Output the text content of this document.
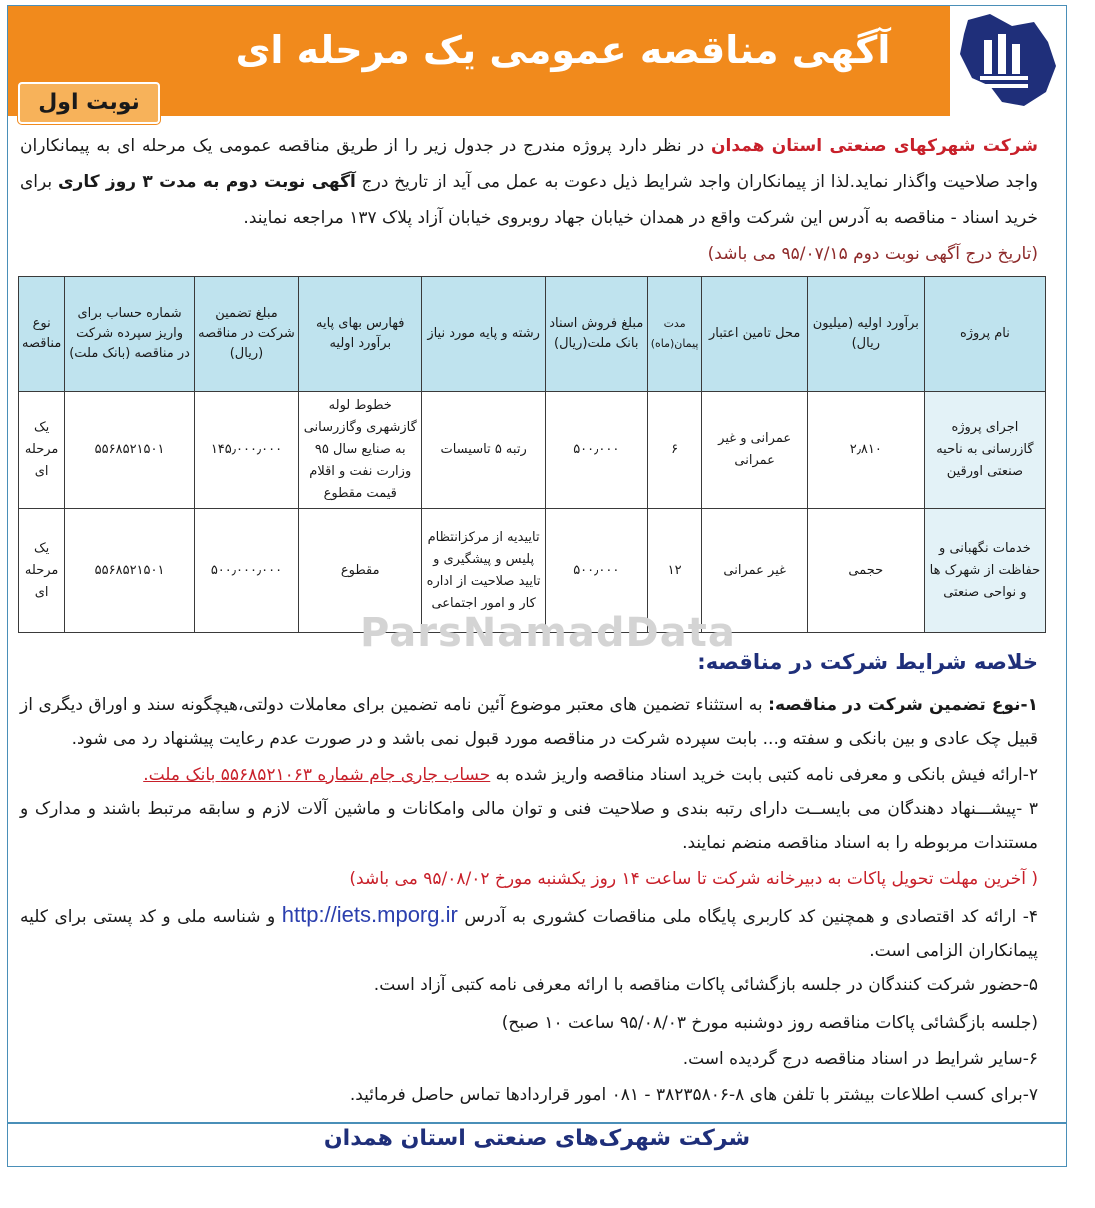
آگهی مناقصه عمومی یک مرحله ای
نوبت اول
شرکت شهرکهای صنعتی استان همدان در نظر دارد پروژه مندرج در جدول زیر را از طریق مناقصه عمومی یک مرحله ای به پیمانکاران واجد صلاحیت واگذار نماید.لذا از پیمانکاران واجد شرایط ذیل دعوت به عمل می آید از تاریخ درج آگهی نوبت دوم به مدت ۳ روز کاری برای خرید اسناد - مناقصه به آدرس این شرکت واقع در همدان خیابان جهاد روبروی خیابان آزاد پلاک ۱۳۷ مراجعه نمایند.
(تاریخ درج آگهی نوبت دوم ۹۵/۰۷/۱۵ می باشد)
نام پروژه	برآورد اولیه (میلیون ریال)	محل تامین اعتبار	مدت پیمان(ماه)	مبلغ فروش اسناد بانک ملت(ریال)	رشته و پایه مورد نیاز	فهارس بهای پایه برآورد اولیه	مبلغ تضمین شرکت در مناقصه (ریال)	شماره حساب برای واریز سپرده شرکت در مناقصه (بانک ملت)	نوع مناقصه
اجرای پروژه گازرسانی به ناحیه صنعتی اورقین	۲٫۸۱۰	عمرانی و غیر عمرانی	۶	۵۰۰٫۰۰۰	رتبه ۵ تاسیسات	خطوط لوله گازشهری وگازرسانی به صنایع سال ۹۵ وزارت نفت و اقلام قیمت مقطوع	۱۴۵٫۰۰۰٫۰۰۰	۵۵۶۸۵۲۱۵۰۱	یک مرحله ای
خدمات نگهبانی و حفاظت از شهرک ها و نواحی صنعتی	حجمی	غیر عمرانی	۱۲	۵۰۰٫۰۰۰	تاییدیه از مرکزانتظام پلیس و پیشگیری و تایید صلاحیت از اداره کار و امور اجتماعی	مقطوع	۵۰۰٫۰۰۰٫۰۰۰	۵۵۶۸۵۲۱۵۰۱	یک مرحله ای
ParsNamadData
خلاصه شرایط شرکت در مناقصه:
۱-نوع تضمین شرکت در مناقصه: به استثناء تضمین های معتبر موضوع آئین نامه تضمین برای معاملات دولتی،هیچگونه سند و اوراق دیگری از قبیل چک عادی و بین بانکی و سفته و... بابت سپرده شرکت در مناقصه مورد قبول نمی باشد و در صورت عدم رعایت پیشنهاد رد می شود.
۲-ارائه فیش بانکی و معرفی نامه کتبی بابت خرید اسناد مناقصه واریز شده به حساب جاری جام شماره ۵۵۶۸۵۲۱۰۶۳ بانک ملت.
۳ -پیشـــنهاد دهندگان می بایســت دارای رتبه بندی و صلاحیت فنی و توان مالی وامکانات و ماشین آلات لازم و سابقه مرتبط باشند و مدارک و مستندات مربوطه را به اسناد مناقصه منضم نمایند.
( آخرین مهلت تحویل پاکات به دبیرخانه شرکت تا ساعت ۱۴ روز یکشنبه مورخ ۹۵/۰۸/۰۲ می باشد)
۴- ارائه کد اقتصادی و همچنین کد کاربری پایگاه ملی مناقصات کشوری به آدرس http://iets.mporg.ir و شناسه ملی و کد پستی برای کلیه پیمانکاران الزامی است.
۵-حضور شرکت کنندگان در جلسه بازگشائی پاکات مناقصه با ارائه معرفی نامه کتبی آزاد است.
(جلسه بازگشائی پاکات مناقصه روز دوشنبه مورخ ۹۵/۰۸/۰۳ ساعت ۱۰ صبح)
۶-سایر شرایط در اسناد مناقصه درج گردیده است.
۷-برای کسب اطلاعات بیشتر با تلفن های ۸-۳۸۲۳۵۸۰۶ - ۰۸۱ امور قراردادها تماس حاصل فرمائید.
شرکت شهرک‌های صنعتی استان همدان
